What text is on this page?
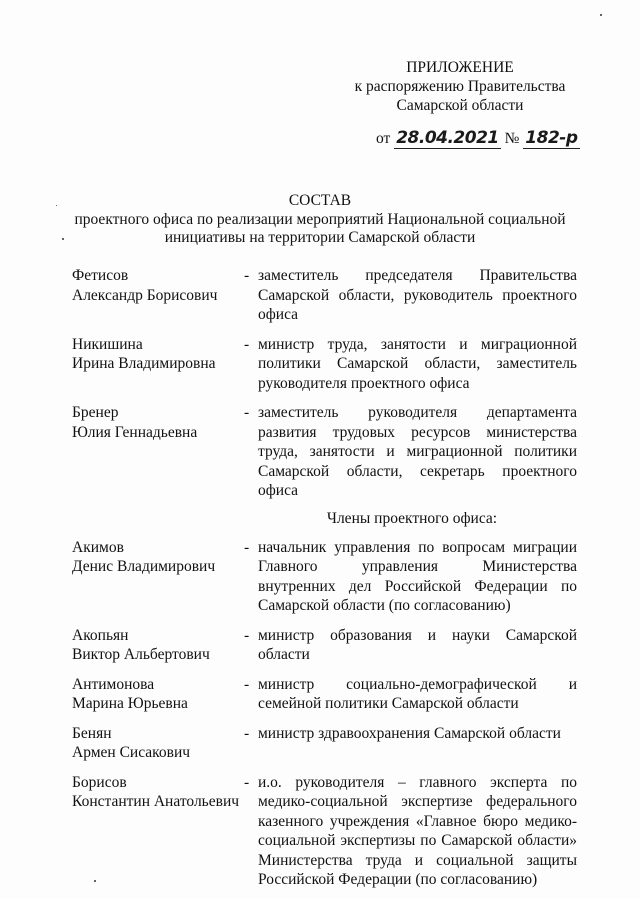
ПРИЛОЖЕНИЕ
к распоряжению Правительства
Самарской области
от 28.04.2021 № 182-р
СОСТАВ
проектного офиса по реализации мероприятий Национальной социальной
инициативы на территории Самарской области
Фетисов
Александр Борисович
- заместитель председателя Правительства Самарской области, руководитель проектного офиса
Никишина
Ирина Владимировна
- министр труда, занятости и миграционной политики Самарской области, заместитель руководителя проектного офиса
Бренер
Юлия Геннадьевна
- заместитель руководителя департамента развития трудовых ресурсов министерства труда, занятости и миграционной политики Самарской области, секретарь проектного офиса
Члены проектного офиса:
Акимов
Денис Владимирович
- начальник управления по вопросам миграции Главного управления Министерства внутренних дел Российской Федерации по Самарской области (по согласованию)
Акопьян
Виктор Альбертович
- министр образования и науки Самарской области
Антимонова
Марина Юрьевна
- министр социально-демографической и семейной политики Самарской области
Бенян
Армен Сисакович
- министр здравоохранения Самарской области
Борисов
Константин Анатольевич
- и.о. руководителя – главного эксперта по медико-социальной экспертизе федерального казенного учреждения «Главное бюро медико-социальной экспертизы по Самарской области» Министерства труда и социальной защиты Российской Федерации (по согласованию)
